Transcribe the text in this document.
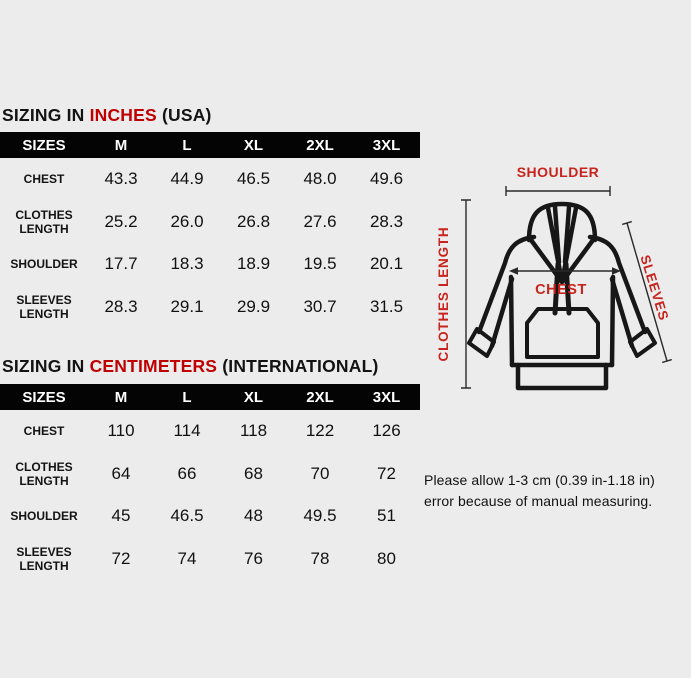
SIZING IN INCHES (USA)
SIZES	M	L	XL	2XL	3XL
CHEST	43.3	44.9	46.5	48.0	49.6
CLOTHES LENGTH	25.2	26.0	26.8	27.6	28.3
SHOULDER	17.7	18.3	18.9	19.5	20.1
SLEEVES LENGTH	28.3	29.1	29.9	30.7	31.5
SIZING IN CENTIMETERS (INTERNATIONAL)
SIZES	M	L	XL	2XL	3XL
CHEST	110	114	118	122	126
CLOTHES LENGTH	64	66	68	70	72
SHOULDER	45	46.5	48	49.5	51
SLEEVES LENGTH	72	74	76	78	80
SHOULDER
CHEST
CLOTHES LENGTH	SLEEVES
Please allow 1-3 cm (0.39 in-1.18 in)
error because of manual measuring.
